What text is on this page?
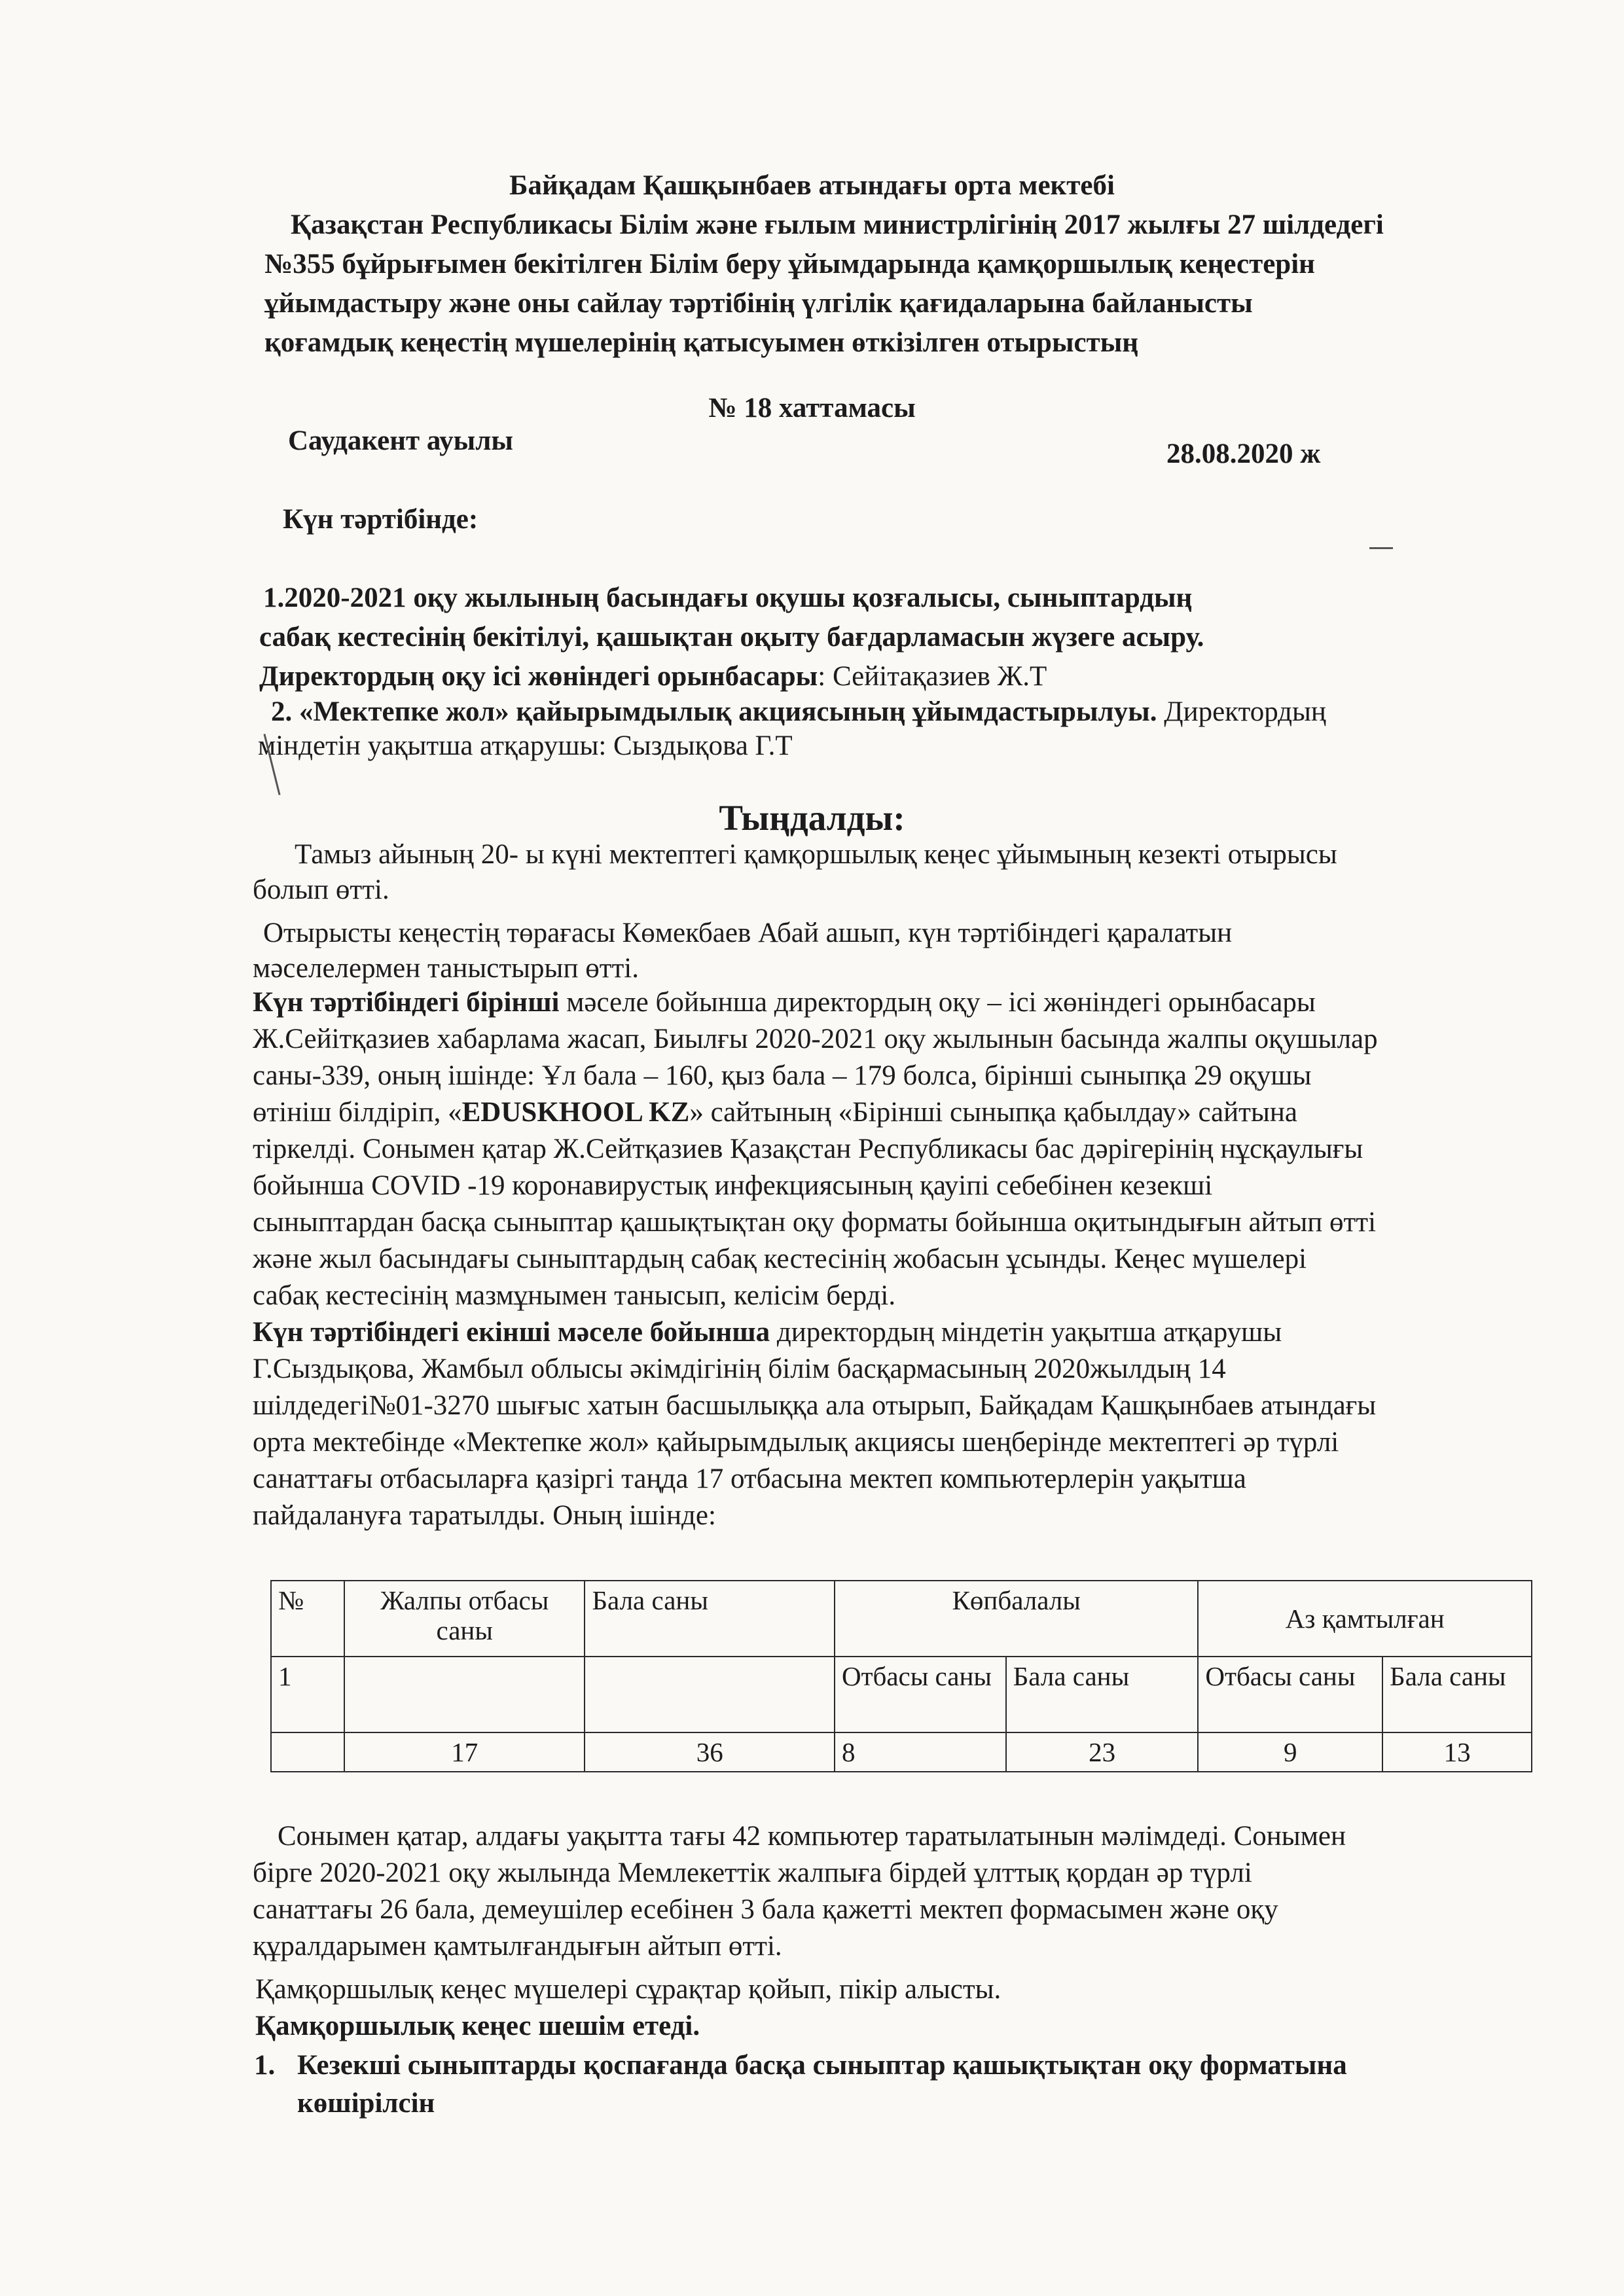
Байқадам Қашқынбаев атындағы орта мектебі
Қазақстан Республикасы Білім және ғылым министрлігінің 2017 жылғы 27 шілдедегі
№355 бұйрығымен бекітілген Білім беру ұйымдарында қамқоршылық кеңестерін
ұйымдастыру және оны сайлау тәртібінің үлгілік қағидаларына байланысты
қоғамдық кеңестің мүшелерінің қатысуымен өткізілген отырыстың
№ 18 хаттамасы
Саудакент ауылы	28.08.2020 ж
Күн тәртібінде:
1.2020-2021 оқу жылының басындағы оқушы қозғалысы, сыныптардың
сабақ кестесінің бекітілуі, қашықтан оқыту бағдарламасын жүзеге асыру.
Директордың оқу ісі жөніндегі орынбасары: Сейітақазиев Ж.Т
2. «Мектепке жол» қайырымдылық акциясының ұйымдастырылуы. Директордың
міндетін уақытша атқарушы: Сыздықова Г.Т
Тыңдалды:
Тамыз айының 20- ы күні мектептегі қамқоршылық кеңес ұйымының кезекті отырысы
болып өтті.
Отырысты кеңестің төрағасы Көмекбаев Абай ашып, күн тәртібіндегі қаралатын
мәселелермен таныстырып өтті.
Күн тәртібіндегі бірінші мәселе бойынша директордың оқу – ісі жөніндегі орынбасары
Ж.Сейітқазиев хабарлама жасап, Биылғы 2020-2021 оқу жылынын басында жалпы оқушылар
саны-339, оның ішінде: Ұл бала – 160, қыз бала – 179 болса, бірінші сыныпқа 29 оқушы
өтініш білдіріп, «EDUSKHOOL KZ» сайтының «Бірінші сыныпқа қабылдау» сайтына
тіркелді. Сонымен қатар Ж.Сейтқазиев Қазақстан Республикасы бас дәрігерінің нұсқаулығы
бойынша COVID -19 коронавирустық инфекциясының қауіпі себебінен кезекші
сыныптардан басқа сыныптар қашықтықтан оқу форматы бойынша оқитындығын айтып өтті
және жыл басындағы сыныптардың сабақ кестесінің жобасын ұсынды. Кеңес мүшелері
сабақ кестесінің мазмұнымен танысып, келісім берді.
Күн тәртібіндегі екінші мәселе бойынша директордың міндетін уақытша атқарушы
Г.Сыздықова, Жамбыл облысы әкімдігінің білім басқармасының 2020жылдың 14
шілдедегі№01-3270 шығыс хатын басшылыққа ала отырып, Байқадам Қашқынбаев атындағы
орта мектебінде «Мектепке жол» қайырымдылық акциясы шеңберінде мектептегі әр түрлі
санаттағы отбасыларға қазіргі таңда 17 отбасына мектеп компьютерлерін уақытша
пайдалануға таратылды. Оның ішінде:
№	Жалпы отбасы саны	Бала саны	Көпбалалы		Аз қамтылған	
1			Отбасы саны	Бала саны	Отбасы саны	Бала саны
	17	36	8	23	9	13
Сонымен қатар, алдағы уақытта тағы 42 компьютер таратылатынын мәлімдеді. Сонымен
бірге 2020-2021 оқу жылында Мемлекеттік жалпыға бірдей ұлттық қордан әр түрлі
санаттағы 26 бала, демеушілер есебінен 3 бала қажетті мектеп формасымен және оқу
құралдарымен қамтылғандығын айтып өтті.
Қамқоршылық кеңес мүшелері сұрақтар қойып, пікір алысты.
Қамқоршылық кеңес шешім етеді.
1. Кезекші сыныптарды қоспағанда басқа сыныптар қашықтықтан оқу форматына
көшірілсін
